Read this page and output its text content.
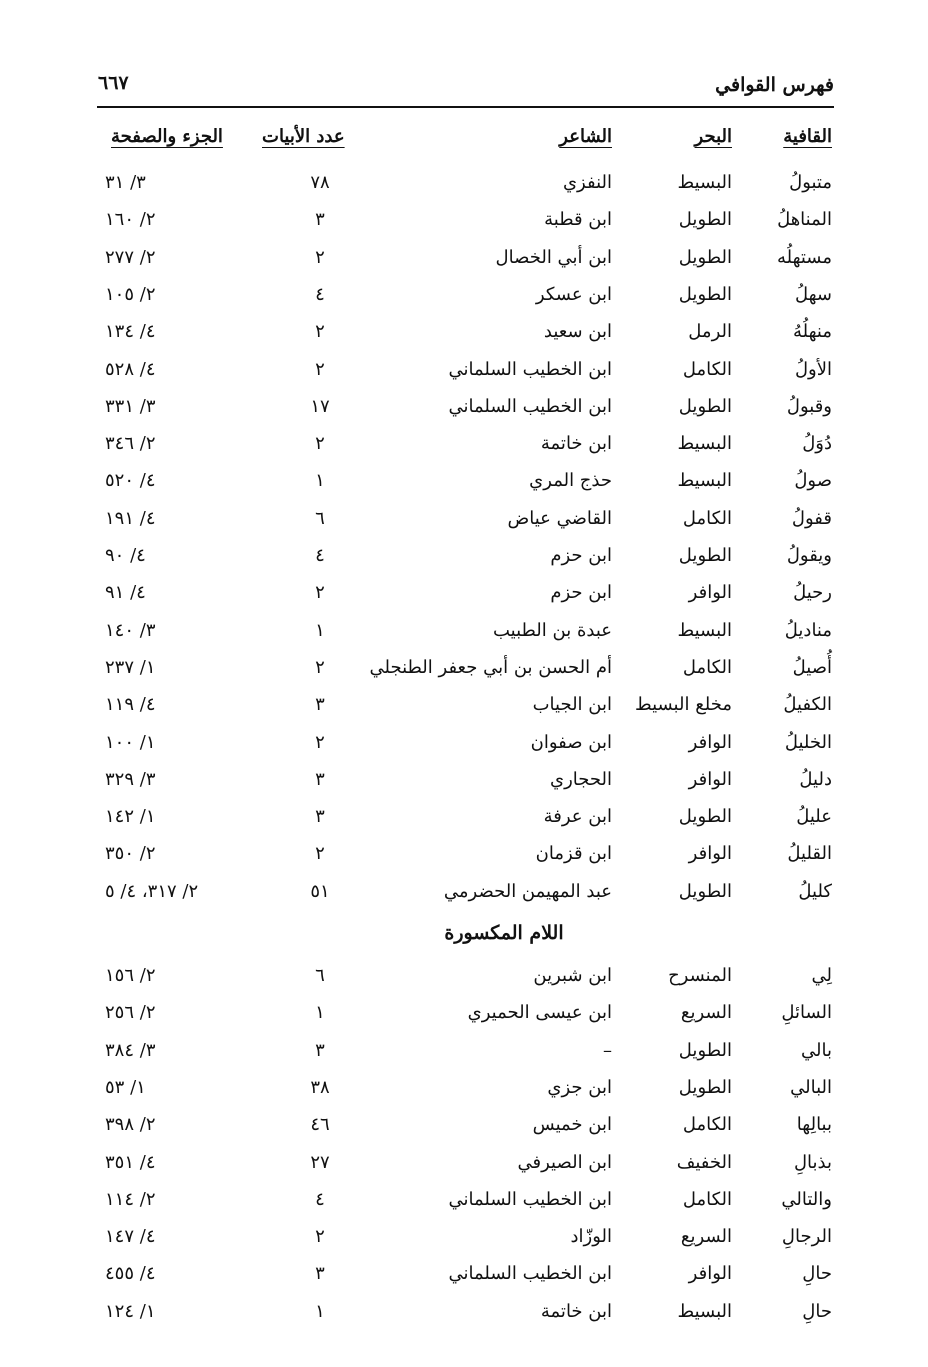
فهرس القوافي
٦٦٧
القافية
البحر
الشاعر
عدد الأبيات
الجزء والصفحة
متبولُ
البسيط
النفزي
٧٨
٣/ ٣١
المناهلُ
الطويل
ابن قطبة
٣
٢/ ١٦٠
مستهلُه
الطويل
ابن أبي الخصال
٢
٢/ ٢٧٧
سهلُ
الطويل
ابن عسكر
٤
٢/ ١٠٥
منهلُهُ
الرمل
ابن سعيد
٢
٤/ ١٣٤
الأولُ
الكامل
ابن الخطيب السلماني
٢
٤/ ٥٢٨
وقبولُ
الطويل
ابن الخطيب السلماني
١٧
٣/ ٣٣١
دُوَلُ
البسيط
ابن خاتمة
٢
٢/ ٣٤٦
صولُ
البسيط
حذج المري
١
٤/ ٥٢٠
قفولُ
الكامل
القاضي عياض
٦
٤/ ١٩١
ويقولُ
الطويل
ابن حزم
٤
٤/ ٩٠
رحيلُ
الوافر
ابن حزم
٢
٤/ ٩١
مناديلُ
البسيط
عبدة بن الطبيب
١
٣/ ١٤٠
أُصيلُ
الكامل
أم الحسن بن أبي جعفر الطنجلي
٢
١/ ٢٣٧
الكفيلُ
مخلع البسيط
ابن الجياب
٣
٤/ ١١٩
الخليلُ
الوافر
ابن صفوان
٢
١/ ١٠٠
دليلُ
الوافر
الحجاري
٣
٣/ ٣٢٩
عليلُ
الطويل
ابن عرفة
٣
١/ ١٤٢
القليلُ
الوافر
ابن قزمان
٢
٢/ ٣٥٠
كليلُ
الطويل
عبد المهيمن الحضرمي
٥١
٢/ ٣١٧، ٤/ ٥
اللام المكسورة
لِي
المنسرح
ابن شبرين
٦
٢/ ١٥٦
السائلِ
السريع
ابن عيسى الحميري
١
٢/ ٢٥٦
بالي
الطويل
–
٣
٣/ ٣٨٤
البالي
الطويل
ابن جزي
٣٨
١/ ٥٣
ببالِها
الكامل
ابن خميس
٤٦
٢/ ٣٩٨
بذبالِ
الخفيف
ابن الصيرفي
٢٧
٤/ ٣٥١
والتالي
الكامل
ابن الخطيب السلماني
٤
٢/ ١١٤
الرجالِ
السريع
الوزّاد
٢
٤/ ١٤٧
حالِ
الوافر
ابن الخطيب السلماني
٣
٤/ ٤٥٥
حالِ
البسيط
ابن خاتمة
١
١/ ١٢٤
